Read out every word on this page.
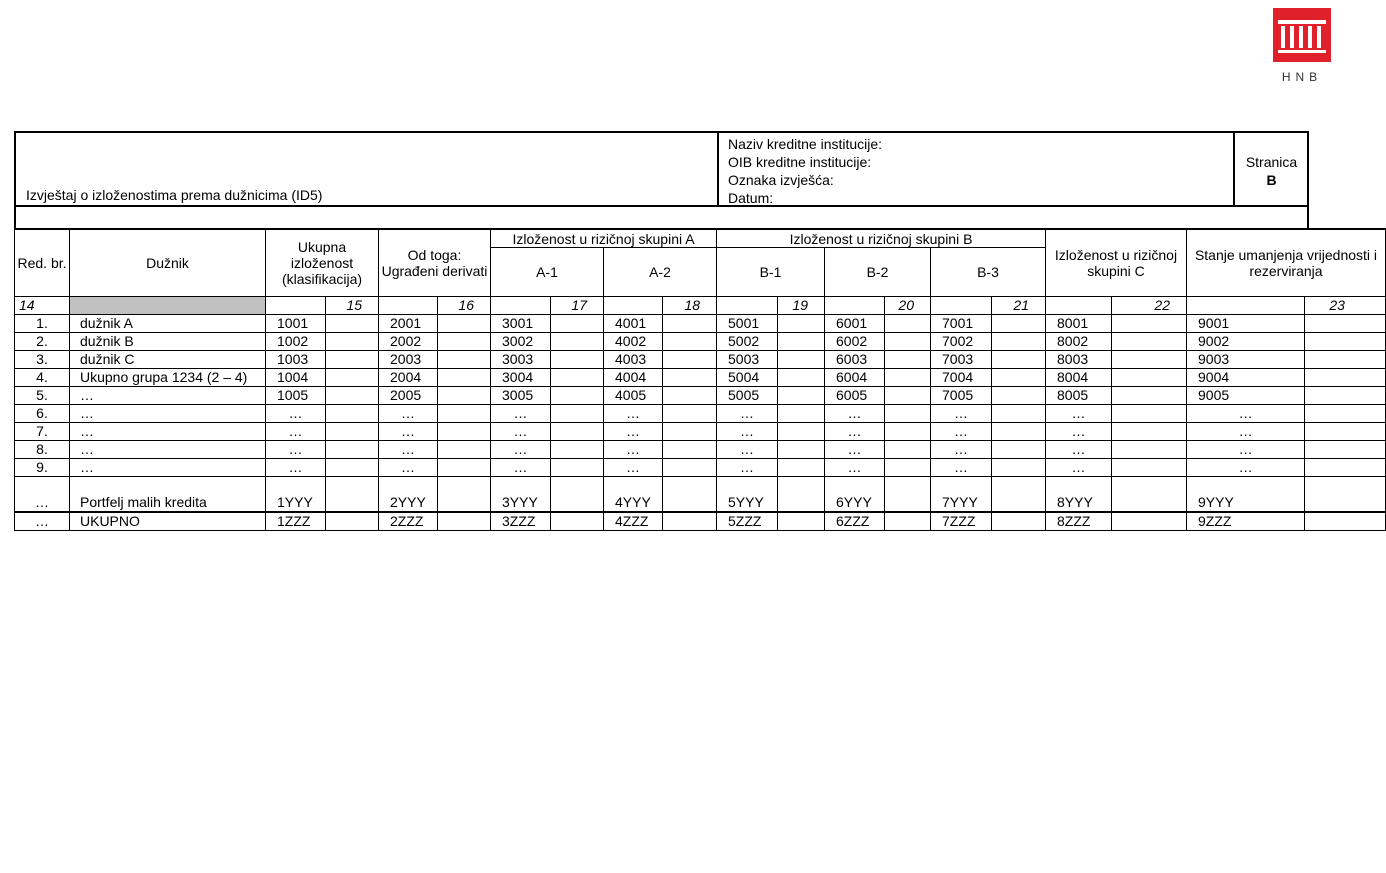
HNB
Izvještaj o izloženostima prema dužnicima (ID5)
Naziv kreditne institucije:
OIB kreditne institucije:
Oznaka izvješća:
Datum:
Stranica
B
Red. br.	Dužnik	Ukupna izloženost (klasifikacija)		Od toga: Ugrađeni derivati		Izloženost u rizičnoj skupini A				Izloženost u rizičnoj skupini B						Izloženost u rizičnoj skupini C		Stanje umanjenja vrijednosti i rezerviranja	
						A-1		A-2		B-1		B-2		B-3					
14			15		16		17		18		19		20		21		22		23
1.	dužnik A	1001		2001		3001		4001		5001		6001		7001		8001		9001	
2.	dužnik B	1002		2002		3002		4002		5002		6002		7002		8002		9002	
3.	dužnik C	1003		2003		3003		4003		5003		6003		7003		8003		9003	
4.	Ukupno grupa 1234 (2 – 4)	1004		2004		3004		4004		5004		6004		7004		8004		9004	
5.	…	1005		2005		3005		4005		5005		6005		7005		8005		9005	
6.	…	…		…		…		…		…		…		…		…		…	
7.	…	…		…		…		…		…		…		…		…		…	
8.	…	…		…		…		…		…		…		…		…		…	
9.	…	…		…		…		…		…		…		…		…		…	
…	Portfelj malih kredita	1YYY		2YYY		3YYY		4YYY		5YYY		6YYY		7YYY		8YYY		9YYY	
…	UKUPNO	1ZZZ		2ZZZ		3ZZZ		4ZZZ		5ZZZ		6ZZZ		7ZZZ		8ZZZ		9ZZZ	
